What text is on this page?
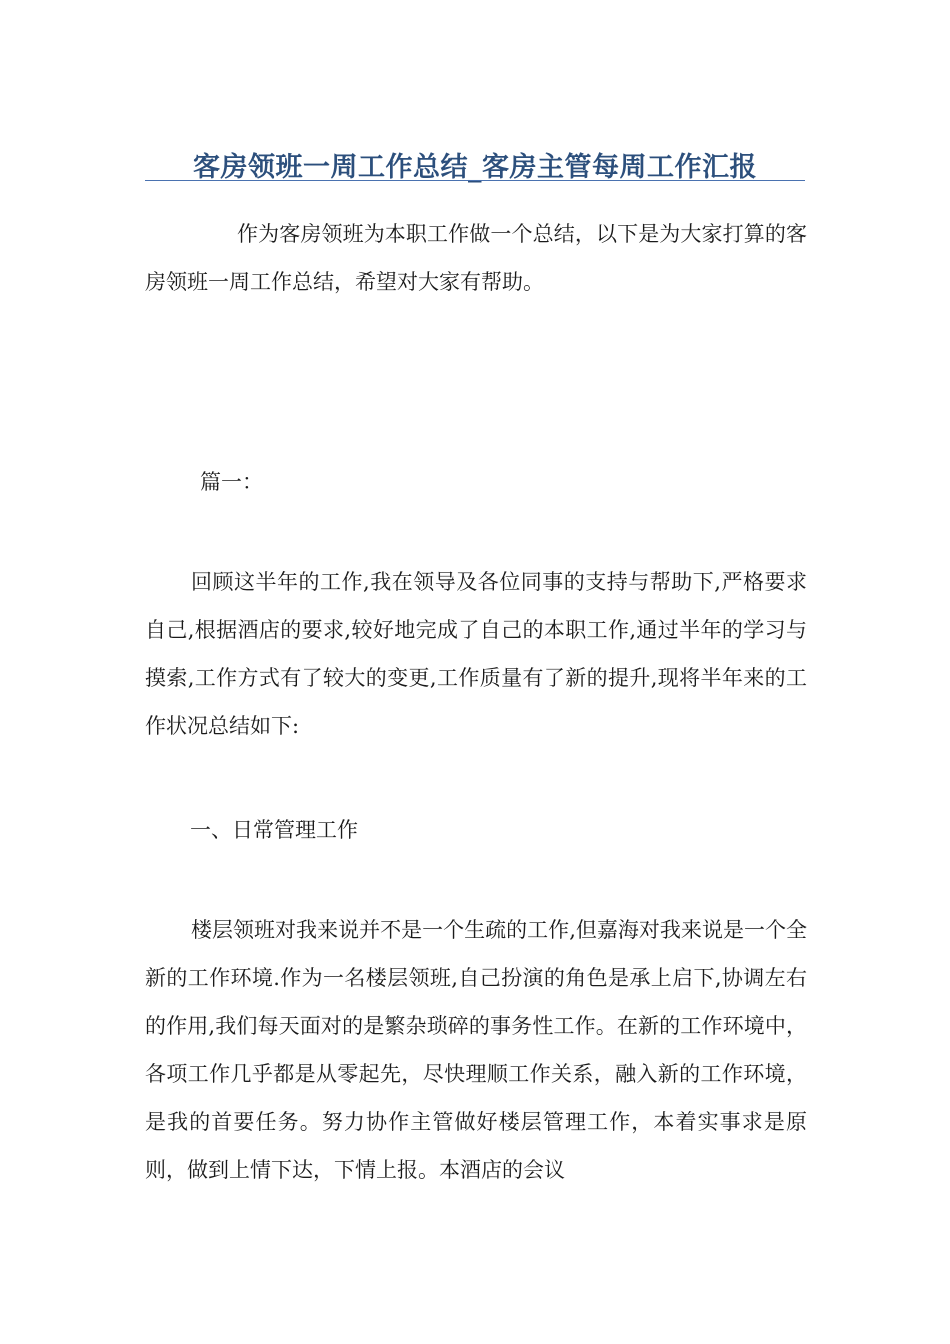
客房领班一周工作总结_客房主管每周工作汇报

作为客房领班为本职工作做一个总结，以下是为大家打算的客房领班一周工作总结，希望对大家有帮助。

篇一：

回顾这半年的工作,我在领导及各位同事的支持与帮助下,严格要求自己,根据酒店的要求,较好地完成了自己的本职工作,通过半年的学习与摸索,工作方式有了较大的变更,工作质量有了新的提升,现将半年来的工作状况总结如下:

一、日常管理工作

楼层领班对我来说并不是一个生疏的工作,但嘉海对我来说是一个全新的工作环境.作为一名楼层领班,自己扮演的角色是承上启下,协调左右的作用,我们每天面对的是繁杂琐碎的事务性工作。在新的工作环境中，各项工作几乎都是从零起先，尽快理顺工作关系，融入新的工作环境，是我的首要任务。努力协作主管做好楼层管理工作，本着实事求是原则，做到上情下达，下情上报。本酒店的会议
